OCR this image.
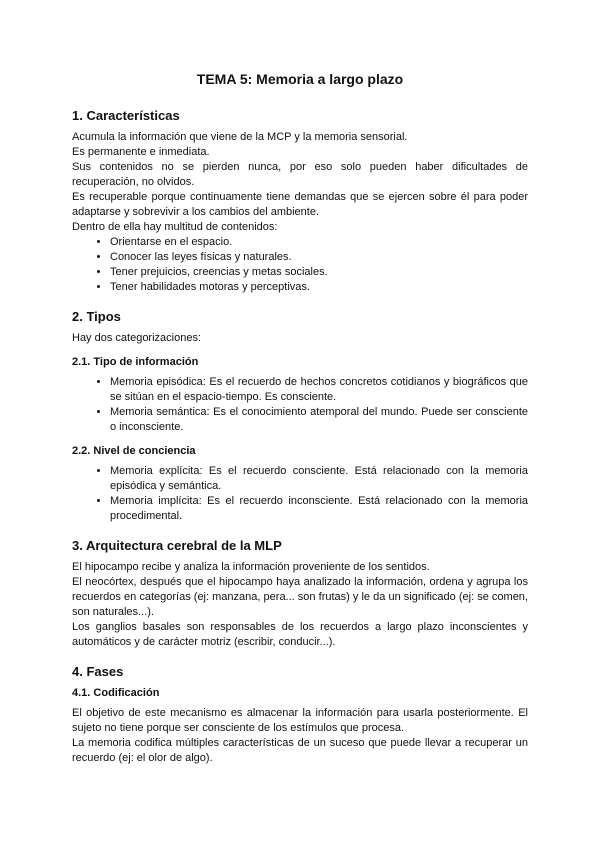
TEMA 5: Memoria a largo plazo
1. Características

Acumula la información que viene de la MCP y la memoria sensorial.

Es permanente e inmediata.

Sus contenidos no se pierden nunca, por eso solo pueden haber dificultades de recuperación, no olvidos.

Es recuperable porque continuamente tiene demandas que se ejercen sobre él para poder adaptarse y sobrevivir a los cambios del ambiente.

Dentro de ella hay multitud de contenidos:

• Orientarse en el espacio.
• Conocer las leyes físicas y naturales.
• Tener prejuicios, creencias y metas sociales.
• Tener habilidades motoras y perceptivas.
2. Tipos

Hay dos categorizaciones:

2.1. Tipo de información
• Memoria episódica: Es el recuerdo de hechos concretos cotidianos y biográficos que se sitúan en el espacio-tiempo. Es consciente.
• Memoria semántica: Es el conocimiento atemporal del mundo. Puede ser consciente o inconsciente.
2.2. Nivel de conciencia
• Memoria explícita: Es el recuerdo consciente. Está relacionado con la memoria episódica y semántica.
• Memoria implícita: Es el recuerdo inconsciente. Está relacionado con la memoria procedimental.
3. Arquitectura cerebral de la MLP

El hipocampo recibe y analiza la información proveniente de los sentidos.

El neocórtex, después que el hipocampo haya analizado la información, ordena y agrupa los recuerdos en categorías (ej: manzana, pera... son frutas) y le da un significado (ej: se comen, son naturales...).

Los ganglios basales son responsables de los recuerdos a largo plazo inconscientes y automáticos y de carácter motriz (escribir, conducir...).

4. Fases
4.1. Codificación

El objetivo de este mecanismo es almacenar la información para usarla posteriormente. El sujeto no tiene porque ser consciente de los estímulos que procesa.

La memoria codifica múltiples características de un suceso que puede llevar a recuperar un recuerdo (ej: el olor de algo).
